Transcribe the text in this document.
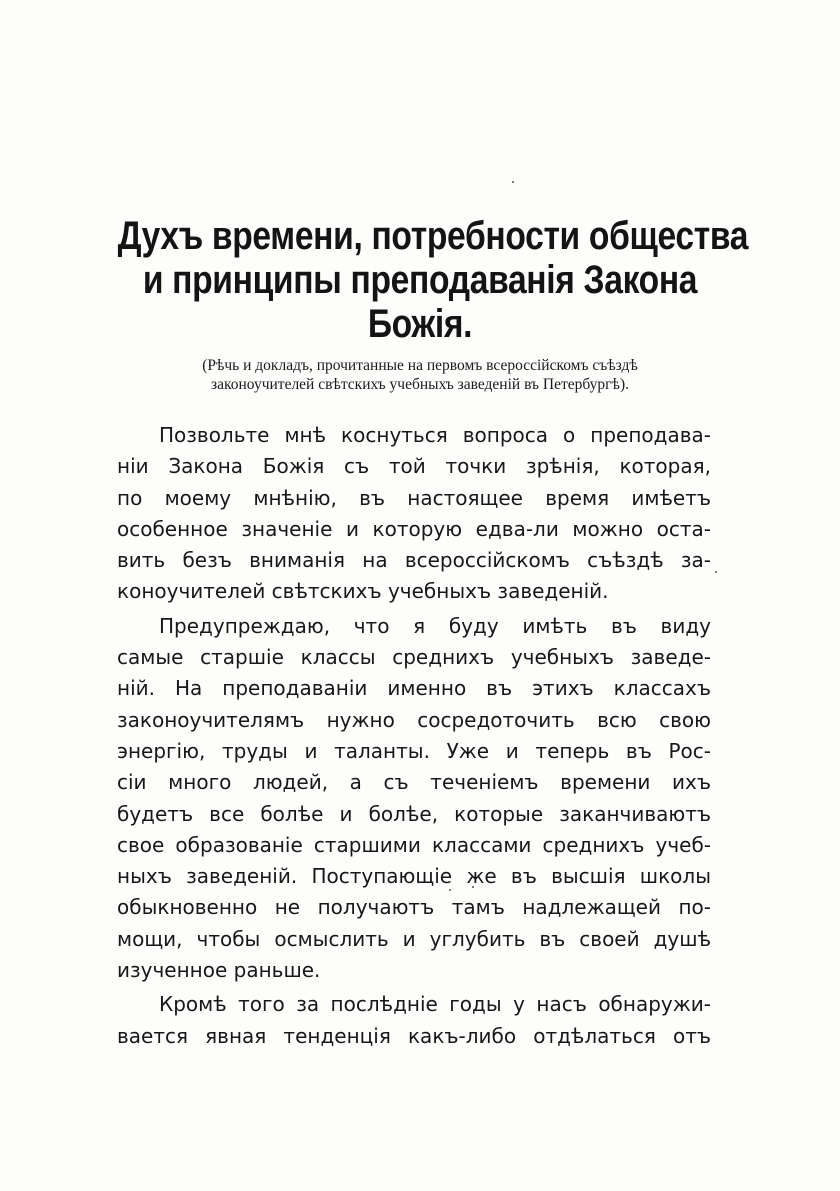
Духъ времени, потребности общества
и принципы преподаванія Закона
Божія.
(Рѣчь и докладъ, прочитанные на первомъ всероссійскомъ съѣздѣ
законоучителей свѣтскихъ учебныхъ заведеній въ Петербургѣ).
Позвольте мнѣ коснуться вопроса о преподава-
ніи Закона Божія съ той точки зрѣнія, которая,
по моему мнѣнію, въ настоящее время имѣетъ
особенное значеніе и которую едва-ли можно оста-
вить безъ вниманія на всероссійскомъ съѣздѣ за-
коноучителей свѣтскихъ учебныхъ заведеній.
Предупреждаю, что я буду имѣть въ виду
самые старшіе классы среднихъ учебныхъ заведе-
ній. На преподаваніи именно въ этихъ классахъ
законоучителямъ нужно сосредоточить всю свою
энергію, труды и таланты. Уже и теперь въ Рос-
сіи много людей, а съ теченіемъ времени ихъ
будетъ все болѣе и болѣе, которые заканчиваютъ
свое образованіе старшими классами среднихъ учеб-
ныхъ заведеній. Поступающіе же въ высшія школы
обыкновенно не получаютъ тамъ надлежащей по-
мощи, чтобы осмыслить и углубить въ своей душѣ
изученное раньше.
Кромѣ того за послѣдніе годы у насъ обнаружи-
вается явная тенденція какъ-либо отдѣлаться отъ
